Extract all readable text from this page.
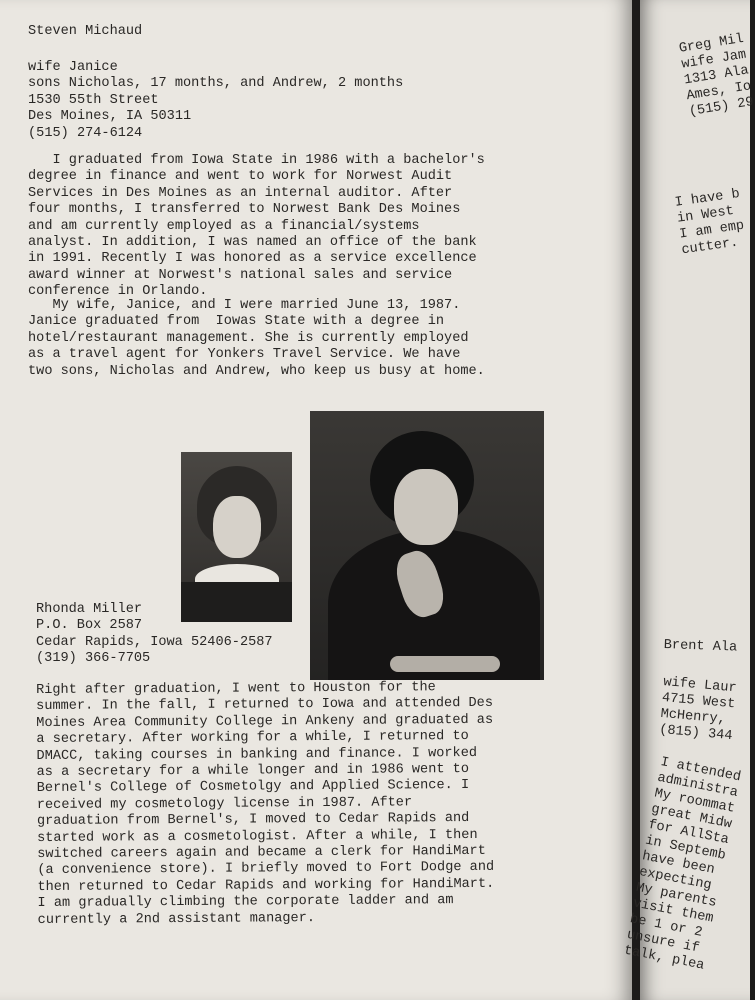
Steven Michaud

wife Janice
sons Nicholas, 17 months, and Andrew, 2 months
1530 55th Street
Des Moines, IA 50311
(515) 274-6124

I graduated from Iowa State in 1986 with a bachelor's
degree in finance and went to work for Norwest Audit
Services in Des Moines as an internal auditor. After
four months, I transferred to Norwest Bank Des Moines
and am currently employed as a financial/systems
analyst. In addition, I was named an office of the bank
in 1991. Recently I was honored as a service excellence
award winner at Norwest's national sales and service
conference in Orlando.

My wife, Janice, and I were married June 13, 1987.
Janice graduated from  Iowas State with a degree in
hotel/restaurant management. She is currently employed
as a travel agent for Yonkers Travel Service. We have
two sons, Nicholas and Andrew, who keep us busy at home.

Rhonda Miller
P.O. Box 2587
Cedar Rapids, Iowa 52406-2587
(319) 366-7705

Right after graduation, I went to Houston for the
summer. In the fall, I returned to Iowa and attended Des
Moines Area Community College in Ankeny and graduated as
a secretary. After working for a while, I returned to
DMACC, taking courses in banking and finance. I worked
as a secretary for a while longer and in 1986 went to
Bernel's College of Cosmetolgy and Applied Science. I
received my cosmetology license in 1987. After
graduation from Bernel's, I moved to Cedar Rapids and
started work as a cosmetologist. After a while, I then
switched careers again and became a clerk for HandiMart
(a convenience store). I briefly moved to Fort Dodge and
then returned to Cedar Rapids and working for HandiMart.
I am gradually climbing the corporate ladder and am
currently a 2nd assistant manager.

Greg Mil
wife Jam
1313 Ala
Ames, Io
(515) 29

I have b
in West
I am emp
cutter.

Brent Ala

wife Laur
4715 West
McHenry,
(815) 344

I attended
administra
My roommat
great Midw
for AllSta
in Septemb
have been
expecting
My parents
visit them
be 1 or 2
unsure if
talk, plea
